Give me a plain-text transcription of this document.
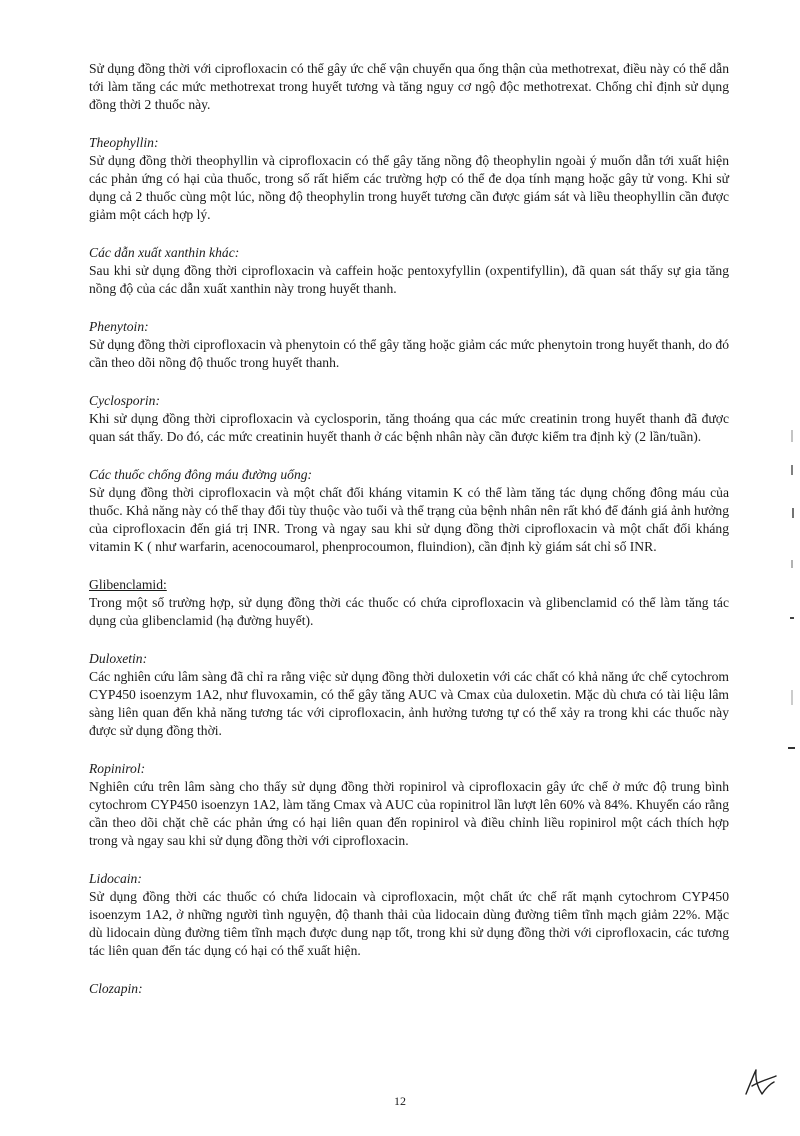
Sử dụng đồng thời với ciprofloxacin có thể gây ức chế vận chuyển qua ống thận của methotrexat, điều này có thể dẫn tới làm tăng các mức methotrexat trong huyết tương và tăng nguy cơ ngộ độc methotrexat. Chống chỉ định sử dụng đồng thời 2 thuốc này.

Theophyllin:

Sử dụng đồng thời theophyllin và ciprofloxacin có thể gây tăng nồng độ theophylin ngoài ý muốn dẫn tới xuất hiện các phản ứng có hại của thuốc, trong số rất hiếm các trường hợp có thể đe dọa tính mạng hoặc gây tử vong. Khi sử dụng cả 2 thuốc cùng một lúc, nồng độ theophylin trong huyết tương cần được giám sát và liều theophyllin cần được giảm một cách hợp lý.

Các dẫn xuất xanthin khác:

Sau khi sử dụng đồng thời ciprofloxacin và caffein hoặc pentoxyfyllin (oxpentifyllin), đã quan sát thấy sự gia tăng nồng độ của các dẫn xuất xanthin này trong huyết thanh.

Phenytoin:

Sử dụng đồng thời ciprofloxacin và phenytoin có thể gây tăng hoặc giảm các mức phenytoin trong huyết thanh, do đó cần theo dõi nồng độ thuốc trong huyết thanh.

Cyclosporin:

Khi sử dụng đồng thời ciprofloxacin và cyclosporin, tăng thoáng qua các mức creatinin trong huyết thanh đã được quan sát thấy. Do đó, các mức creatinin huyết thanh ở các bệnh nhân này cần được kiểm tra định kỳ (2 lần/tuần).

Các thuốc chống đông máu đường uống:

Sử dụng đồng thời ciprofloxacin và một chất đối kháng vitamin K có thể làm tăng tác dụng chống đông máu của thuốc. Khả năng này có thể thay đổi tùy thuộc vào tuổi và thể trạng của bệnh nhân nên rất khó để đánh giá ảnh hưởng của ciprofloxacin đến giá trị INR. Trong và ngay sau khi sử dụng đồng thời ciprofloxacin và một chất đối kháng vitamin K ( như warfarin, acenocoumarol, phenprocoumon, fluindion), cần định kỳ giám sát chỉ số INR.

Glibenclamid:

Trong một số trường hợp, sử dụng đồng thời các thuốc có chứa ciprofloxacin và glibenclamid có thể làm tăng tác dụng của glibenclamid (hạ đường huyết).

Duloxetin:

Các nghiên cứu lâm sàng đã chỉ ra rằng việc sử dụng đồng thời duloxetin với các chất có khả năng ức chế cytochrom CYP450 isoenzym 1A2, như fluvoxamin, có thể gây tăng AUC và Cmax của duloxetin. Mặc dù chưa có tài liệu lâm sàng liên quan đến khả năng tương tác với ciprofloxacin, ảnh hưởng tương tự có thể xảy ra trong khi các thuốc này được sử dụng đồng thời.

Ropinirol:

Nghiên cứu trên lâm sàng cho thấy sử dụng đồng thời ropinirol và ciprofloxacin gây ức chế ở mức độ trung bình cytochrom CYP450 isoenzyn 1A2, làm tăng Cmax và AUC của ropinitrol lần lượt lên 60% và 84%. Khuyến cáo rằng cần theo dõi chặt chẽ các phản ứng có hại liên quan đến ropinirol và điều chỉnh liều ropinirol một cách thích hợp trong và ngay sau khi sử dụng đồng thời với ciprofloxacin.

Lidocain:

Sử dụng đồng thời các thuốc có chứa lidocain và ciprofloxacin, một chất ức chế rất mạnh cytochrom CYP450 isoenzym 1A2, ở những người tình nguyện, độ thanh thải của lidocain dùng đường tiêm tĩnh mạch giảm 22%. Mặc dù lidocain dùng đường tiêm tĩnh mạch được dung nạp tốt, trong khi sử dụng đồng thời với ciprofloxacin, các tương tác liên quan đến tác dụng có hại có thể xuất hiện.

Clozapin:

12
